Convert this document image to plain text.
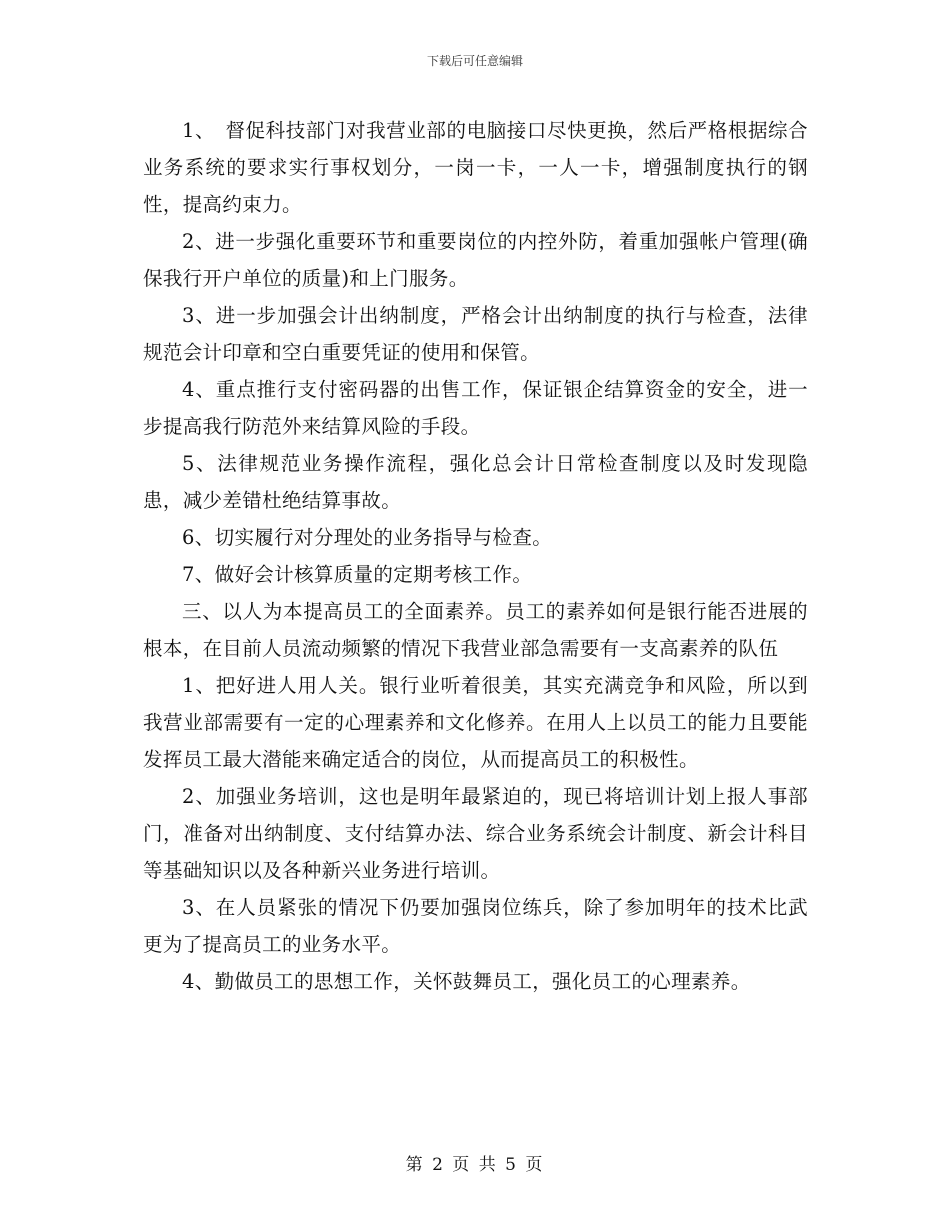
下载后可任意编辑

1、　督促科技部门对我营业部的电脑接口尽快更换，然后严格根据综合业务系统的要求实行事权划分，一岗一卡，一人一卡，增强制度执行的钢性，提高约束力。

2、进一步强化重要环节和重要岗位的内控外防，着重加强帐户管理(确保我行开户单位的质量)和上门服务。

3、进一步加强会计出纳制度，严格会计出纳制度的执行与检查，法律规范会计印章和空白重要凭证的使用和保管。

4、重点推行支付密码器的出售工作，保证银企结算资金的安全，进一步提高我行防范外来结算风险的手段。

5、法律规范业务操作流程，强化总会计日常检查制度以及时发现隐患，减少差错杜绝结算事故。

6、切实履行对分理处的业务指导与检查。

7、做好会计核算质量的定期考核工作。

三、以人为本提高员工的全面素养。员工的素养如何是银行能否进展的根本，在目前人员流动频繁的情况下我营业部急需要有一支高素养的队伍

1、把好进人用人关。银行业听着很美，其实充满竞争和风险，所以到我营业部需要有一定的心理素养和文化修养。在用人上以员工的能力且要能发挥员工最大潜能来确定适合的岗位，从而提高员工的积极性。

2、加强业务培训，这也是明年最紧迫的，现已将培训计划上报人事部门，准备对出纳制度、支付结算办法、综合业务系统会计制度、新会计科目等基础知识以及各种新兴业务进行培训。

3、在人员紧张的情况下仍要加强岗位练兵，除了参加明年的技术比武更为了提高员工的业务水平。

4、勤做员工的思想工作，关怀鼓舞员工，强化员工的心理素养。

第 2 页 共 5 页
